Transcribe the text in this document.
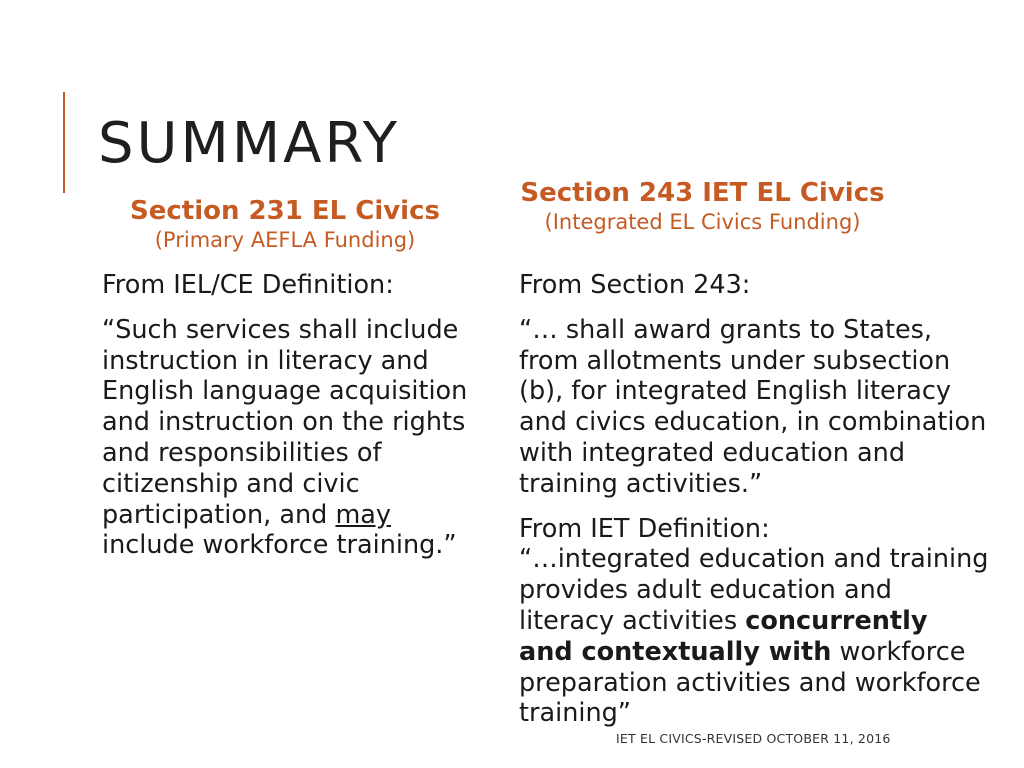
SUMMARY
Section 231 EL Civics
(Primary AEFLA Funding)
Section 243 IET EL Civics
(Integrated EL Civics Funding)

From IEL/CE Definition:

“Such services shall include instruction in literacy and English language acquisition and instruction on the rights and responsibilities of citizenship and civic participation, and may include workforce training.”

From Section 243:

“… shall award grants to States, from allotments under subsection (b), for integrated English literacy and civics education, in combination with integrated education and training activities.”

From IET Definition:

“…integrated education and training provides adult education and literacy activities concurrently and contextually with workforce preparation activities and workforce training”

IET EL CIVICS-REVISED OCTOBER 11, 2016
